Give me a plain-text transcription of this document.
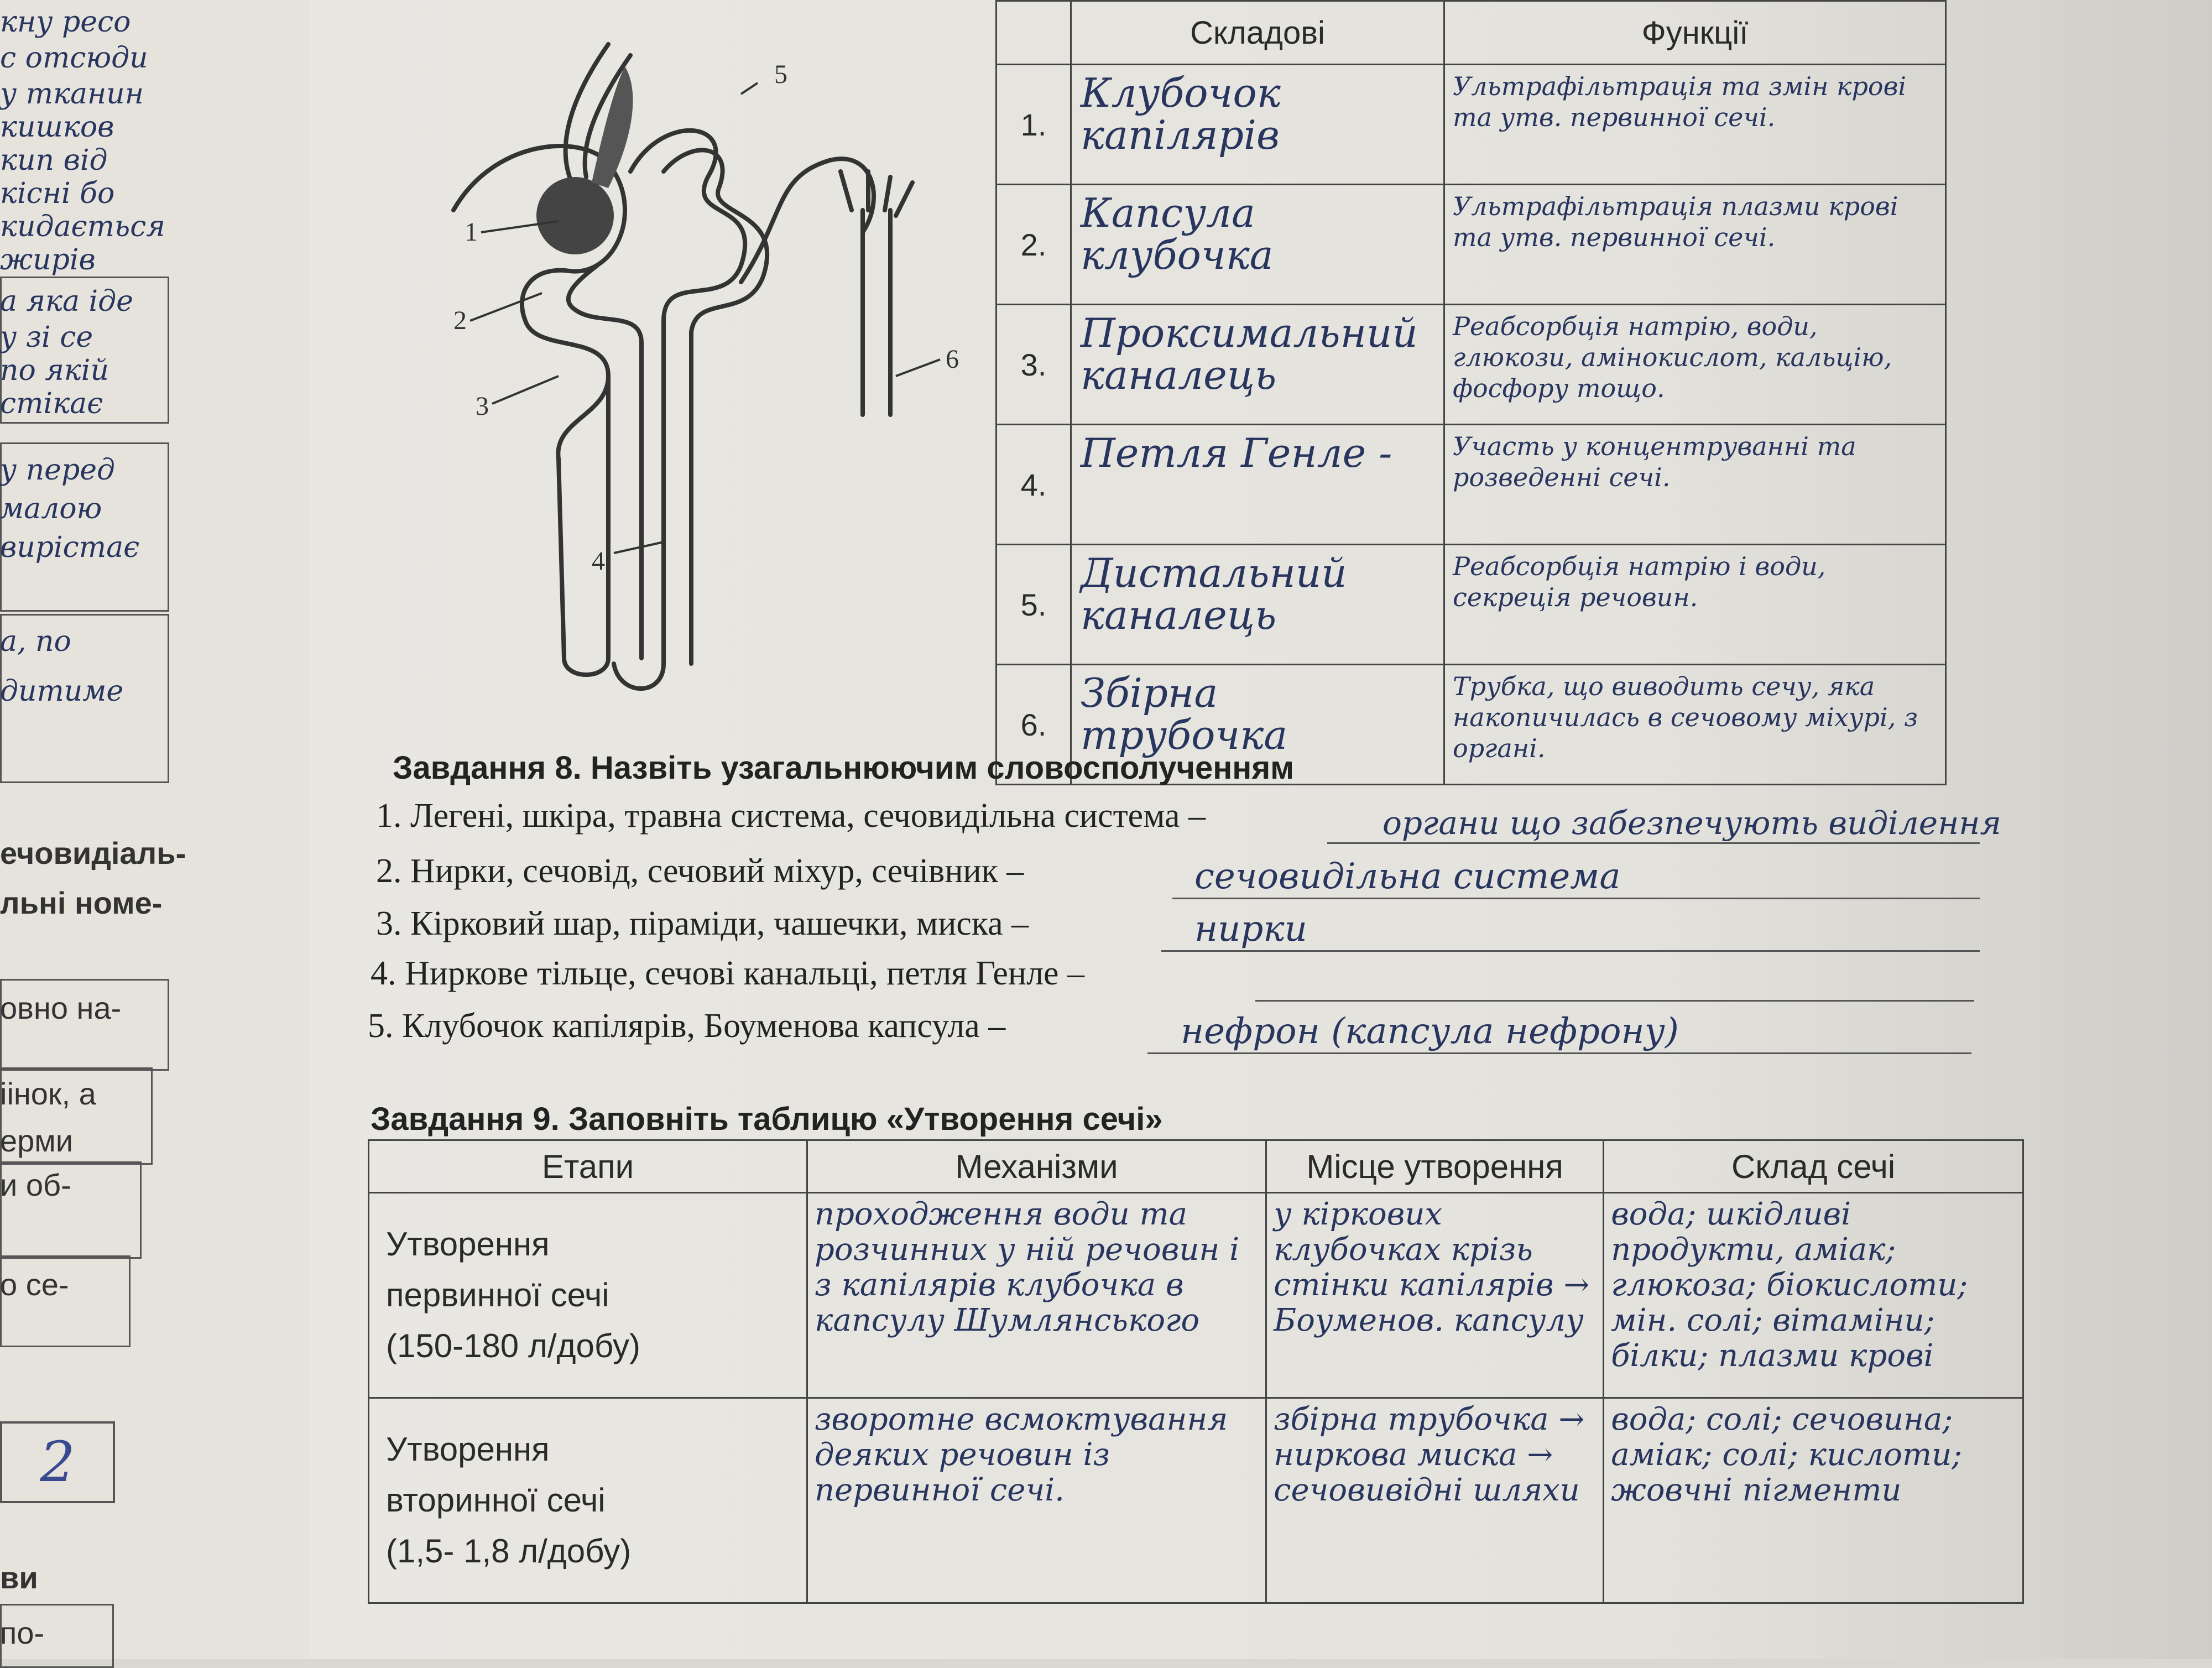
кну ресо
с отсюди
у тканин
кишков
кип від
кісні бо
кидається
жирів
а яка іде
у зі се
по якій
стікає
у перед
малою
вирістає
а, по
дитиме
ечовидіaль-
льні номе-
овно на-
іінок, а
ерми
и об-
о се-
2
ви
по-
1
2
3
4
5
6
	Складові	Функції
1.	Клубочок капілярів	Ультрафільтрація та змін крові та утв. первинної сечі.
2.	Капсула клубочка	Ультрафільтрація плазми крові та утв. первинної сечі.
3.	Проксимальний каналець	Реабсорбція натрію, води, глюкози, амінокислот, кальцію, фосфору тощо.
4.	Петля Генле -	Участь у концентруванні та розведенні сечі.
5.	Дистальний каналець	Реабсорбція натрію і води, секреція речовин.
6.	Збірна трубочка	Трубка, що виводить сечу, яка накопичилась в сечовому міхурі, з органі.
Завдання 8. Назвіть узагальнюючим словосполученням
1. Легені, шкіра, травна система, сечовидільна система –	органи що забезпечують виділення
2. Нирки, сечовід, сечовий міхур, сечівник –	сечовидільна система
3. Кірковий шар, піраміди, чашечки, миска –	нирки
4. Ниркове тільце, сечові канальці, петля Генле –
5. Клубочок капілярів, Боуменова капсула –	нефрон (капсула нефрону)
Завдання 9. Заповніть таблицю «Утворення сечі»
Етапи	Механізми	Місце утворення	Склад сечі

Утворення
первинної сечі
(150-180 л/добу)	проходження води та розчинних у ній речовин і з капілярів клубочка в капсулу Шумлянського	у кіркових клубочках крізь стінки капілярів → Боуменов. капсулу	вода; шкідливі продукти, аміак; глюкоза; біокислоти; мін. солі; вітаміни; білки; плазми крові

Утворення
вторинної сечі
(1,5- 1,8 л/добу)	зворотне всмоктування деяких речовин із первинної сечі.	збірна трубочка → ниркова миска → сечовивідні шляхи	вода; солі; сечовина; аміак; солі; кислоти; жовчні пігменти
